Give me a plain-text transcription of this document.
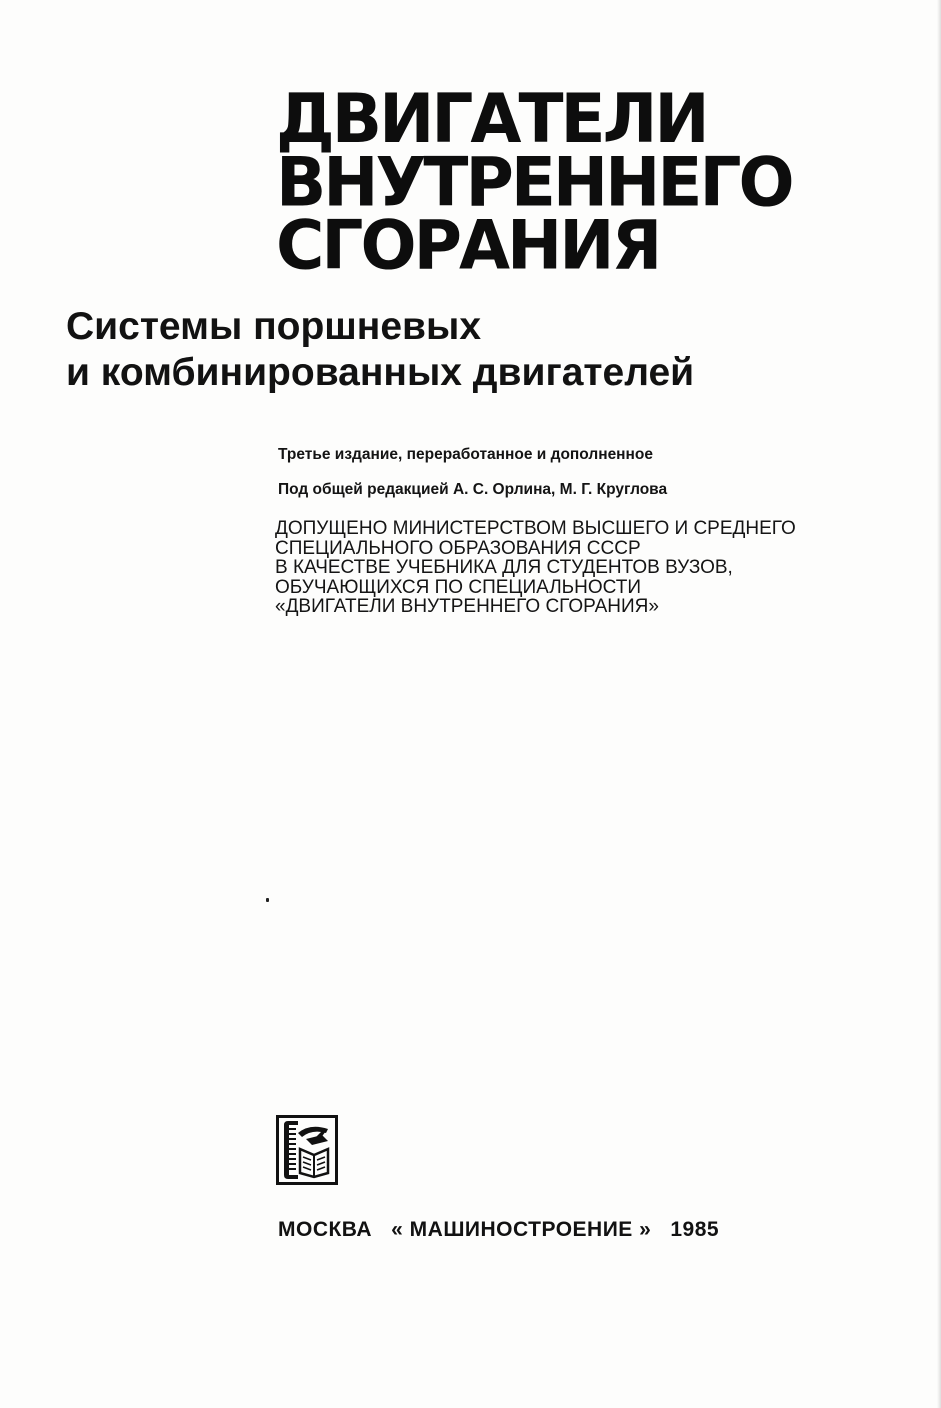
ДВИГАТЕЛИ
ВНУТРЕННЕГО
СГОРАНИЯ
Системы поршневых
и комбинированных двигателей
Третье издание, переработанное и дополненное
Под общей редакцией А. С. Орлина, М. Г. Круглова
ДОПУЩЕНО МИНИСТЕРСТВОМ ВЫСШЕГО И СРЕДНЕГО
СПЕЦИАЛЬНОГО ОБРАЗОВАНИЯ СССР
В КАЧЕСТВЕ УЧЕБНИКА ДЛЯ СТУДЕНТОВ ВУЗОВ,
ОБУЧАЮЩИХСЯ ПО СПЕЦИАЛЬНОСТИ
«ДВИГАТЕЛИ ВНУТРЕННЕГО СГОРАНИЯ»
МОСКВА « МАШИНОСТРОЕНИЕ » 1985
